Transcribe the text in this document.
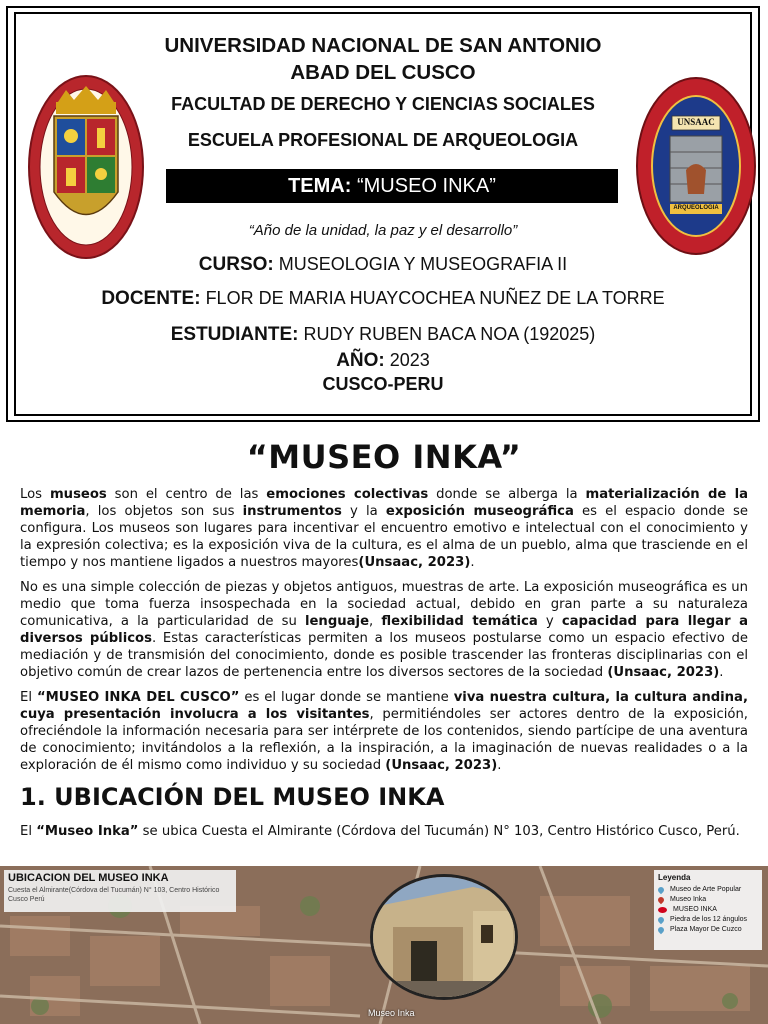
UNIVERSIDAD NACIONAL DE SAN ANTONIO
ABAD DEL CUSCO
FACULTAD DE DERECHO Y CIENCIAS SOCIALES
ESCUELA PROFESIONAL DE ARQUEOLOGIA
UNSAAC
ARQUEOLOGIA
TEMA: “MUSEO INKA”
“Año de la unidad, la paz y el desarrollo”
CURSO: MUSEOLOGIA Y MUSEOGRAFIA II
DOCENTE: FLOR DE MARIA HUAYCOCHEA NUÑEZ DE LA TORRE
ESTUDIANTE: RUDY RUBEN BACA NOA (192025)
AÑO: 2023
CUSCO-PERU
“MUSEO INKA”

Los museos son el centro de las emociones colectivas donde se alberga la materialización de la memoria, los objetos son sus instrumentos y la exposición museográfica es el espacio donde se configura. Los museos son lugares para incentivar el encuentro emotivo e intelectual con el conocimiento y la expresión colectiva; es la exposición viva de la cultura, es el alma de un pueblo, alma que trasciende en el tiempo y nos mantiene ligados a nuestros mayores(Unsaac, 2023).

No es una simple colección de piezas y objetos antiguos, muestras de arte. La exposición museográfica es un medio que toma fuerza insospechada en la sociedad actual, debido en gran parte a su naturaleza comunicativa, a la particularidad de su lenguaje, flexibilidad temática y capacidad para llegar a diversos públicos. Estas características permiten a los museos postularse como un espacio efectivo de mediación y de transmisión del conocimiento, donde es posible trascender las fronteras disciplinarias con el objetivo común de crear lazos de pertenencia entre los diversos sectores de la sociedad (Unsaac, 2023).

El “MUSEO INKA DEL CUSCO” es el lugar donde se mantiene viva nuestra cultura, la cultura andina, cuya presentación involucra a los visitantes, permitiéndoles ser actores dentro de la exposición, ofreciéndole la información necesaria para ser intérprete de los contenidos, siendo partícipe de una aventura de conocimiento; invitándolos a la reflexión, a la inspiración, a la imaginación de nuevas realidades o a la exploración de él mismo como individuo y su sociedad (Unsaac, 2023).

1. UBICACIÓN DEL MUSEO INKA

El “Museo Inka” se ubica Cuesta el Almirante (Córdova del Tucumán) N° 103, Centro Histórico Cusco, Perú.

UBICACION DEL MUSEO INKA
Cuesta el Almirante(Córdova del Tucumán) N° 103, Centro Histórico Cusco Perú
Leyenda
Museo de Arte Popular
Museo Inka
MUSEO INKA
Piedra de los 12 ángulos
Plaza Mayor De Cuzco
Museo Inka
